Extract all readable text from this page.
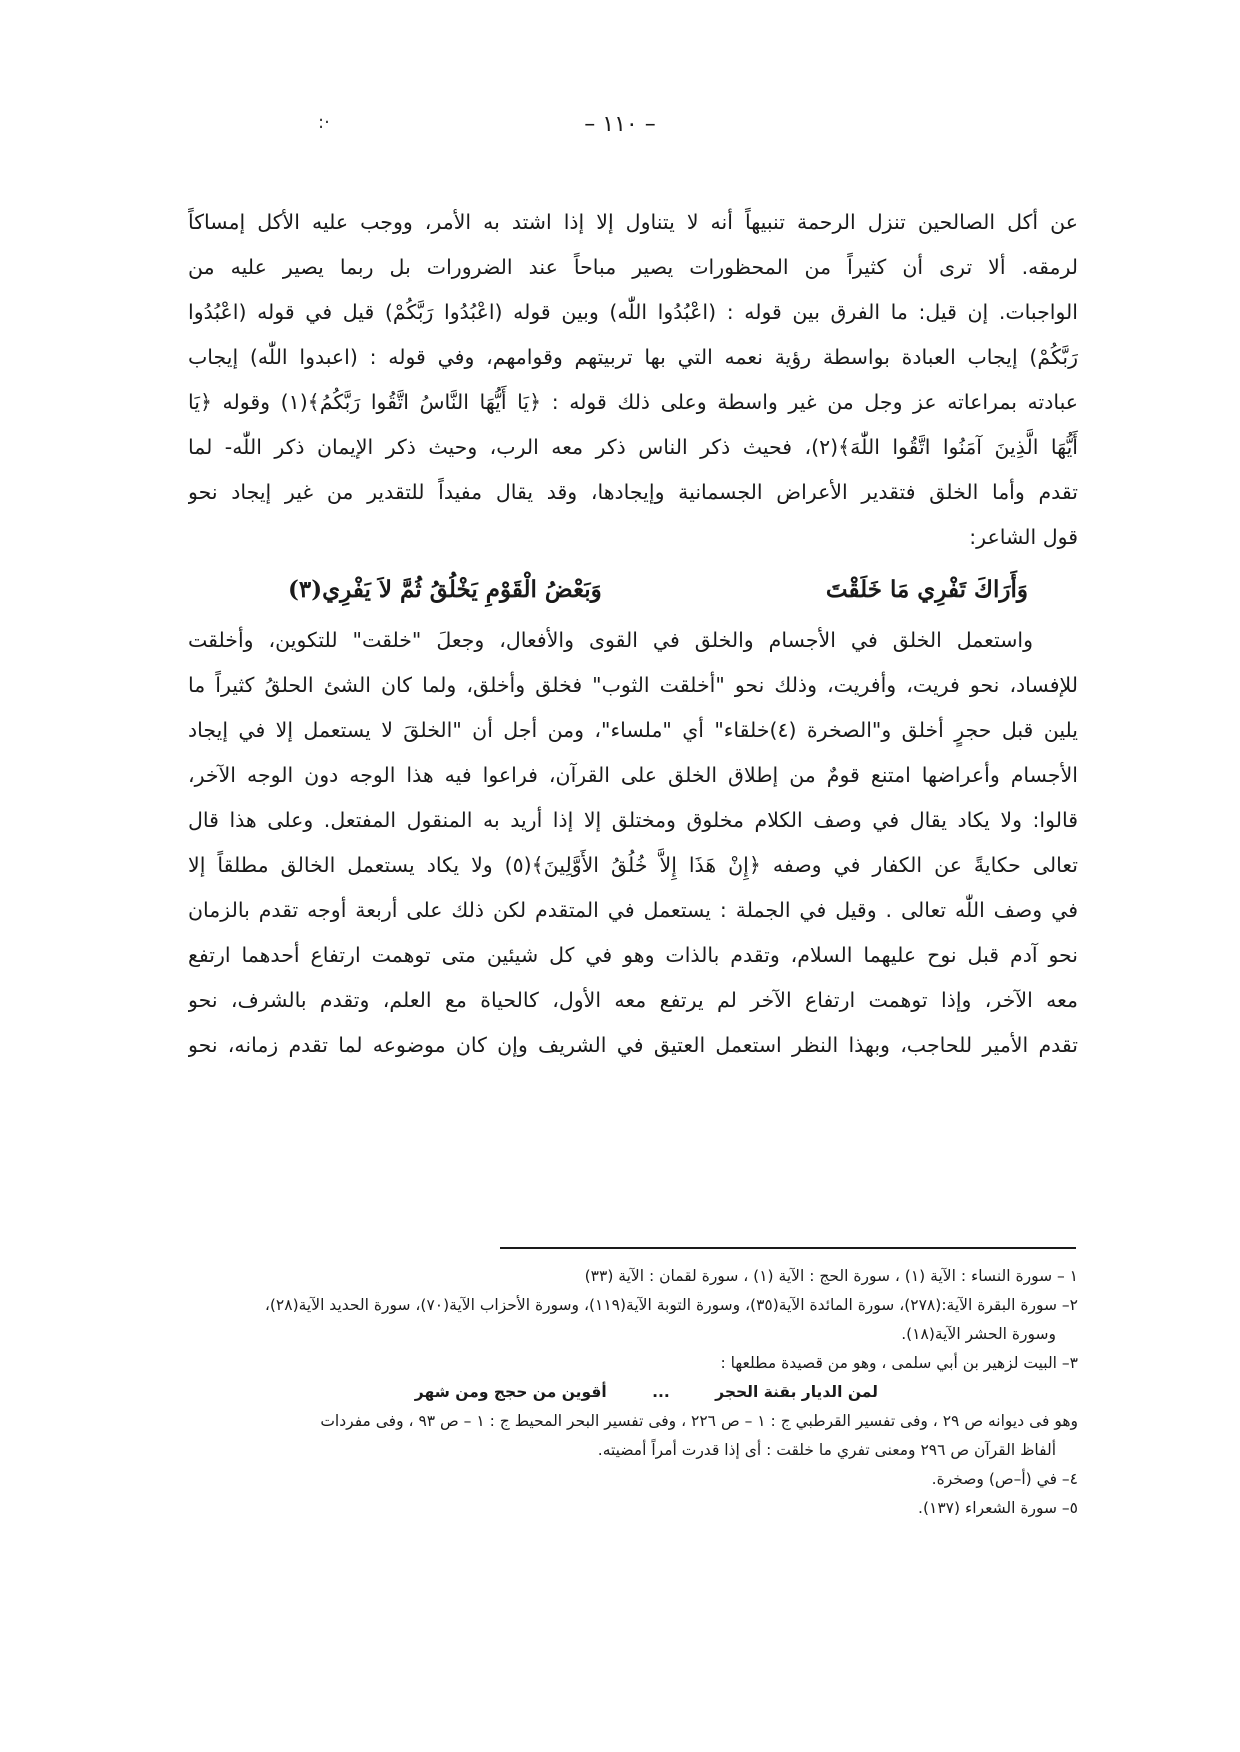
– ١١٠ –
·:
عن أكل الصالحين تنزل الرحمة تنبيهاً أنه لا يتناول إلا إذا اشتد به الأمر، ووجب عليه الأكل إمساكاً
لرمقه. ألا ترى أن كثيراً من المحظورات يصير مباحاً عند الضرورات بل ربما يصير عليه من
الواجبات. إن قيل: ما الفرق بين قوله : (اعْبُدُوا اللّٰه) وبين قوله (اعْبُدُوا رَبَّكُمْ) قيل في قوله (اعْبُدُوا
رَبَّكُمْ) إيجاب العبادة بواسطة رؤية نعمه التي بها تربيتهم وقوامهم، وفي قوله : (اعبدوا اللّٰه) إيجاب
عبادته بمراعاته عز وجل من غير واسطة وعلى ذلك قوله : ﴿يَا أَيُّهَا النَّاسُ اتَّقُوا رَبَّكُمُ﴾(١) وقوله ﴿يَا
أَيُّهَا الَّذِينَ آمَنُوا اتَّقُوا اللّٰهَ﴾(٢)، فحيث ذكر الناس ذكر معه الرب، وحيث ذكر الإيمان ذكر اللّٰه- لما
تقدم وأما الخلق فتقدير الأعراض الجسمانية وإيجادها، وقد يقال مفيداً للتقدير من غير إيجاد نحو
قول الشاعر:
وَأَرَاكَ تَفْرِي مَا خَلَقْتَ
وَبَعْضُ الْقَوْمِ يَخْلُقُ ثُمَّ لاَ يَفْرِي(٣)
واستعمل الخلق في الأجسام والخلق في القوى والأفعال، وجعلَ "خلقت" للتكوين، وأخلقت
للإفساد، نحو فريت، وأفريت، وذلك نحو "أخلقت الثوب" فخلق وأخلق، ولما كان الشئ الحلقُ كثيراً ما
يلين قبل حجرٍ أخلق و"الصخرة (٤)خلقاء" أي "ملساء"، ومن أجل أن "الخلقَ لا يستعمل إلا في إيجاد
الأجسام وأعراضها امتنع قومٌ من إطلاق الخلق على القرآن، فراعوا فيه هذا الوجه دون الوجه الآخر،
قالوا: ولا يكاد يقال في وصف الكلام مخلوق ومختلق إلا إذا أريد به المنقول المفتعل. وعلى هذا قال
تعالى حكايةً عن الكفار في وصفه ﴿إِنْ هَذَا إِلاَّ خُلُقُ الأَوَّلِينَ﴾(٥) ولا يكاد يستعمل الخالق مطلقاً إلا
في وصف اللّٰه تعالى . وقيل في الجملة : يستعمل في المتقدم لكن ذلك على أربعة أوجه تقدم بالزمان
نحو آدم قبل نوح عليهما السلام، وتقدم بالذات وهو في كل شيئين متى توهمت ارتفاع أحدهما ارتفع
معه الآخر، وإذا توهمت ارتفاع الآخر لم يرتفع معه الأول، كالحياة مع العلم، وتقدم بالشرف، نحو
تقدم الأمير للحاجب، وبهذا النظر استعمل العتيق في الشريف وإن كان موضوعه لما تقدم زمانه، نحو
١ – سورة النساء : الآية (١) ، سورة الحج : الآية (١) ، سورة لقمان : الآية (٣٣)
٢– سورة البقرة الآية:(٢٧٨)، سورة المائدة الآية(٣٥)، وسورة التوبة الآية(١١٩)، وسورة الأحزاب الآية(٧٠)، سورة الحديد الآية(٢٨)،
وسورة الحشر الآية(١٨).
٣– البيت لزهير بن أبي سلمى ، وهو من قصيدة مطلعها :
لمن الديار بقنة الحجر ... أقوين من حجج ومن شهر
وهو فى ديوانه ص ٢٩ ، وفى تفسير القرطبي ج : ١ – ص ٢٢٦ ، وفى تفسير البحر المحيط ج : ١ – ص ٩٣ ، وفى مفردات
ألفاظ القرآن ص ٢٩٦ ومعنى تفري ما خلقت : أى إذا قدرت أمراً أمضيته.
٤– في (أ–ص) وصخرة.
٥– سورة الشعراء (١٣٧).
